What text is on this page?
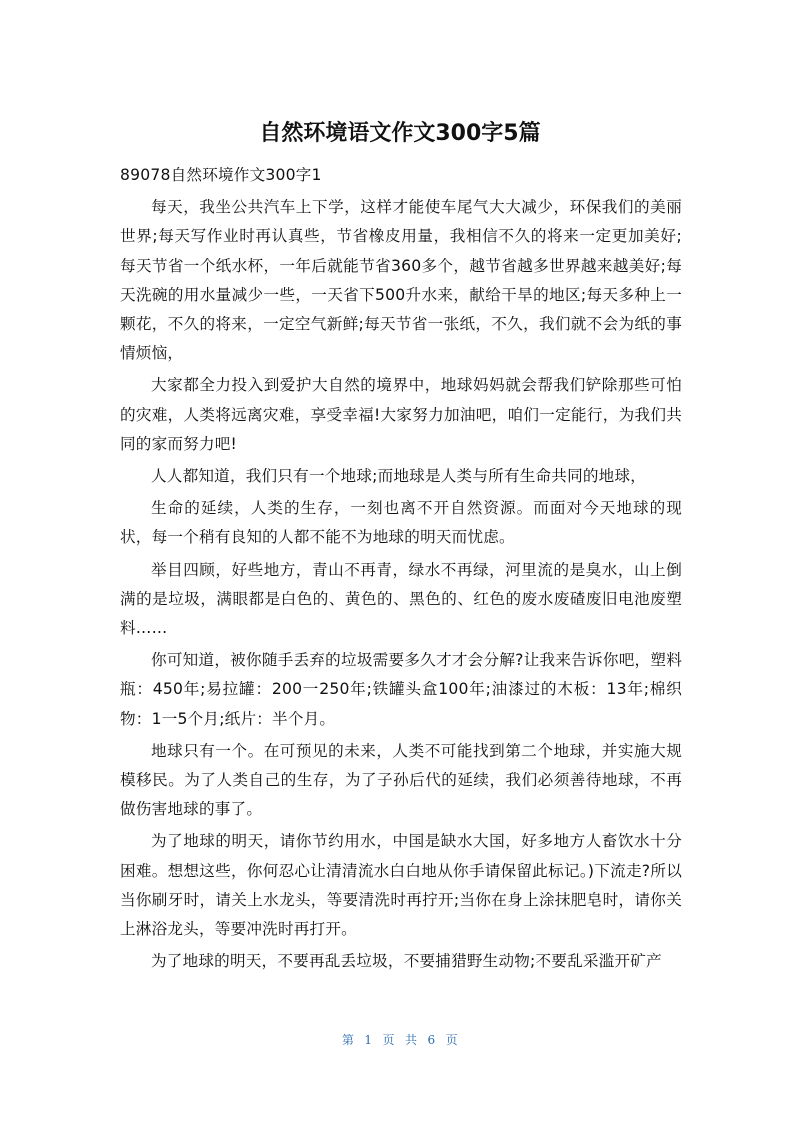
自然环境语文作文300字5篇

89078自然环境作文300字1

每天，我坐公共汽车上下学，这样才能使车尾气大大减少，环保我们的美丽世界;每天写作业时再认真些，节省橡皮用量，我相信不久的将来一定更加美好;每天节省一个纸水杯，一年后就能节省360多个，越节省越多世界越来越美好;每天洗碗的用水量减少一些，一天省下500升水来，献给干旱的地区;每天多种上一颗花，不久的将来，一定空气新鲜;每天节省一张纸，不久，我们就不会为纸的事情烦恼，

大家都全力投入到爱护大自然的境界中，地球妈妈就会帮我们铲除那些可怕的灾难，人类将远离灾难，享受幸福!大家努力加油吧，咱们一定能行，为我们共同的家而努力吧!

人人都知道，我们只有一个地球;而地球是人类与所有生命共同的地球，

生命的延续，人类的生存，一刻也离不开自然资源。而面对今天地球的现状，每一个稍有良知的人都不能不为地球的明天而忧虑。

举目四顾，好些地方，青山不再青，绿水不再绿，河里流的是臭水，山上倒满的是垃圾，满眼都是白色的、黄色的、黑色的、红色的废水废碴废旧电池废塑料……

你可知道，被你随手丢弃的垃圾需要多久才才会分解?让我来告诉你吧，塑料瓶：450年;易拉罐：200一250年;铁罐头盒100年;油漆过的木板：13年;棉织物：1一5个月;纸片：半个月。

地球只有一个。在可预见的未来，人类不可能找到第二个地球，并实施大规模移民。为了人类自己的生存，为了子孙后代的延续，我们必须善待地球，不再做伤害地球的事了。

为了地球的明天，请你节约用水，中国是缺水大国，好多地方人畜饮水十分困难。想想这些，你何忍心让清清流水白白地从你手请保留此标记。)下流走?所以当你刷牙时，请关上水龙头，等要清洗时再拧开;当你在身上涂抹肥皂时，请你关上淋浴龙头，等要冲洗时再打开。

为了地球的明天，不要再乱丢垃圾，不要捕猎野生动物;不要乱采滥开矿产

第 1 页 共 6 页
